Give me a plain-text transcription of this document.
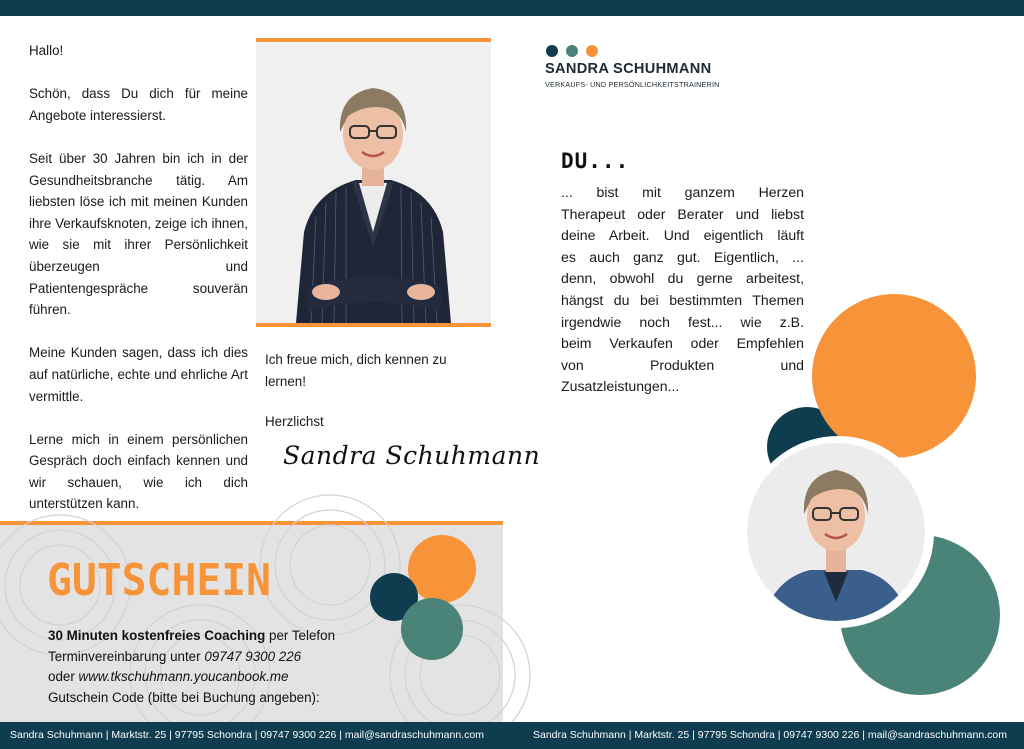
Hallo!

Schön, dass Du dich für meine Angebote interessierst.

Seit über 30 Jahren bin ich in der Gesundheitsbranche tätig. Am liebsten löse ich mit meinen Kunden ihre Verkaufsknoten, zeige ich ihnen, wie sie mit ihrer Persönlichkeit überzeugen und Patientengespräche souverän führen.

Meine Kunden sagen, dass ich dies auf natürliche, echte und ehrliche Art vermittle.

Lerne mich in einem persönlichen Gespräch doch einfach kennen und wir schauen, wie ich dich unterstützen kann.

Ich freue mich, dich kennen zu lernen!

Herzlichst

Sandra Schuhmann
GUTSCHEIN
30 Minuten kostenfreies Coaching per Telefon
Terminvereinbarung unter 09747 9300 226
oder www.tkschuhmann.youcanbook.me
Gutschein Code (bitte bei Buchung angeben):
SANDRA SCHUHMANN
VERKAUFS- UND PERSÖNLICHKEITSTRAINERIN
DU...
... bist mit ganzem Herzen
Therapeut oder Berater und liebst
deine Arbeit. Und eigentlich läuft
es auch ganz gut. Eigentlich, ...
denn, obwohl du gerne arbeitest,
hängst du bei bestimmten Themen
irgendwie noch fest... wie z.B.
beim Verkaufen oder Empfehlen
von Produkten und
Zusatzleistungen...
Sandra Schuhmann | Marktstr. 25 | 97795 Schondra | 09747 9300 226 | mail@sandraschuhmann.com	Sandra Schuhmann | Marktstr. 25 | 97795 Schondra | 09747 9300 226 | mail@sandraschuhmann.com
